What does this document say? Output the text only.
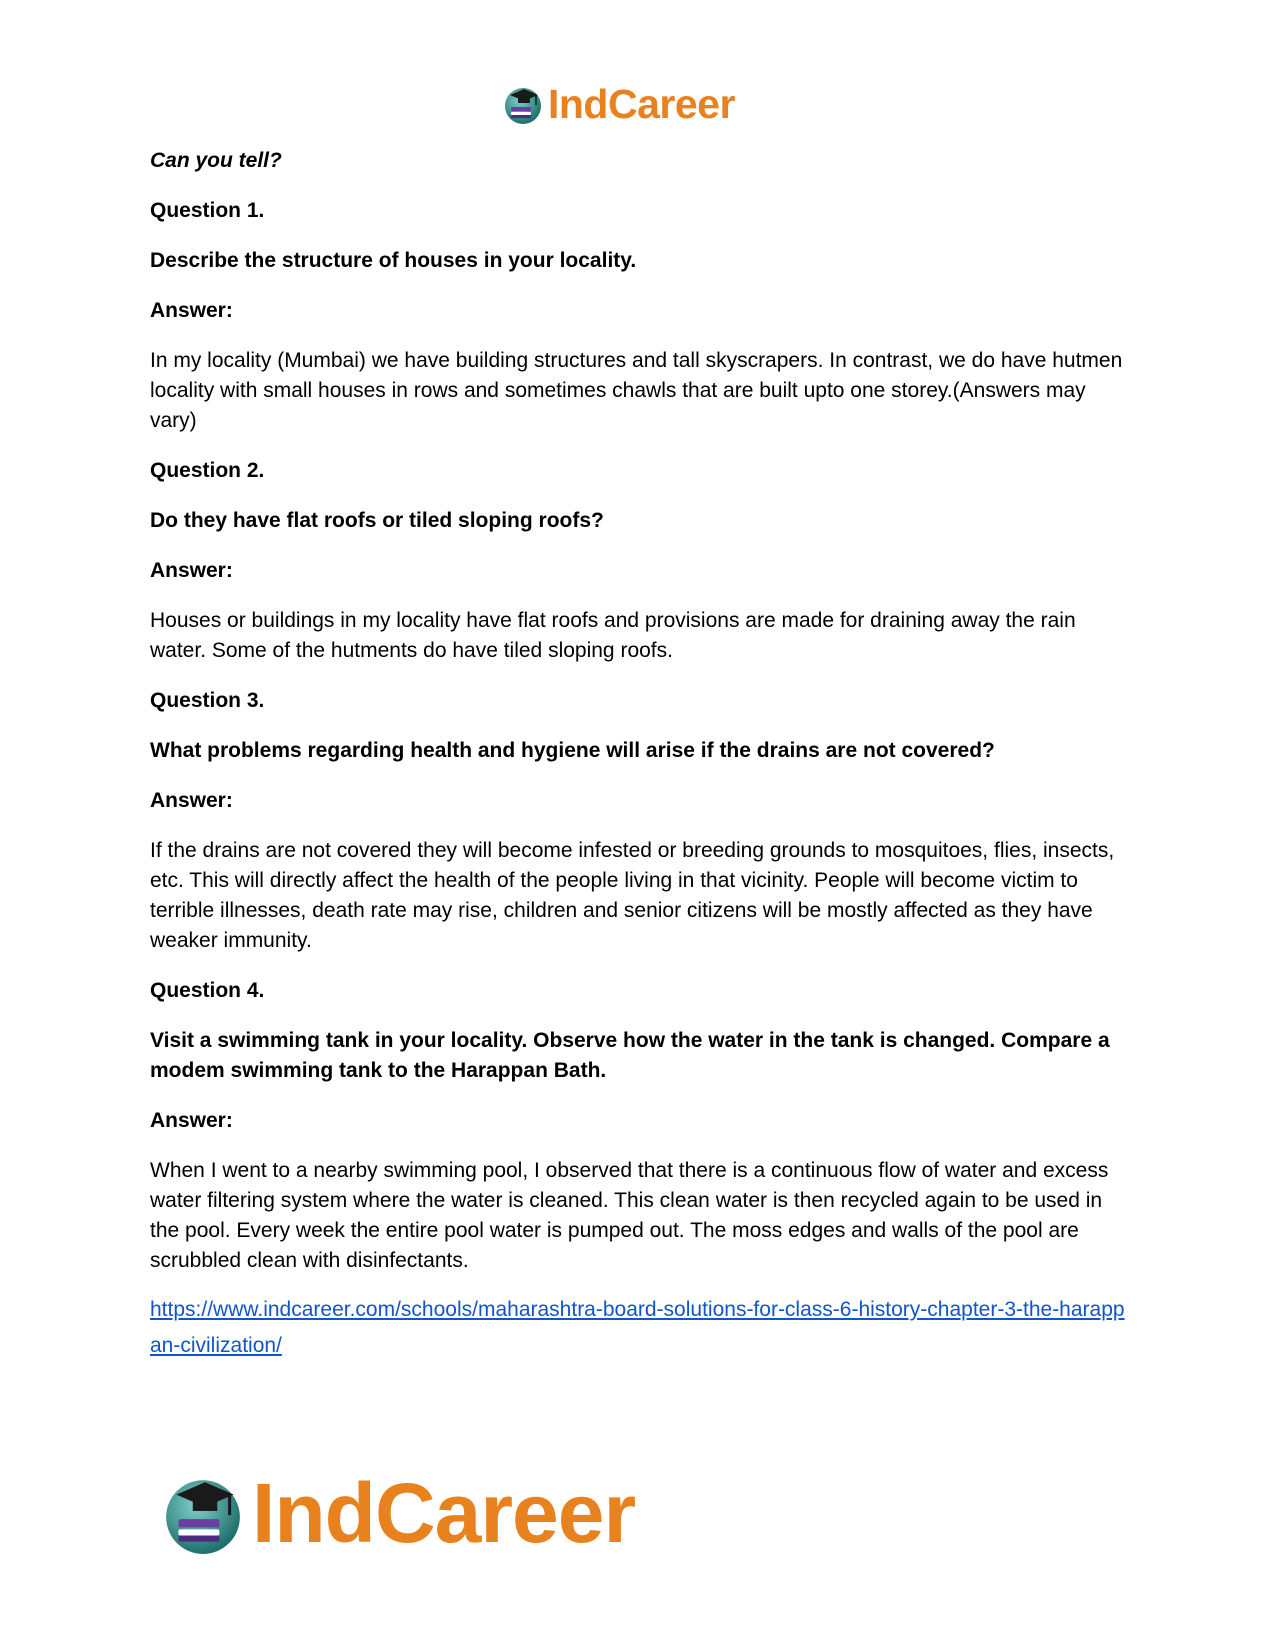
IndCareer

Can you tell?

Question 1.

Describe the structure of houses in your locality.

Answer:

In my locality (Mumbai) we have building structures and tall skyscrapers. In contrast, we do have hutmen locality with small houses in rows and sometimes chawls that are built upto one storey.(Answers may vary)

Question 2.

Do they have flat roofs or tiled sloping roofs?

Answer:

Houses or buildings in my locality have flat roofs and provisions are made for draining away the rain water. Some of the hutments do have tiled sloping roofs.

Question 3.

What problems regarding health and hygiene will arise if the drains are not covered?

Answer:

If the drains are not covered they will become infested or breeding grounds to mosquitoes, flies, insects, etc. This will directly affect the health of the people living in that vicinity. People will become victim to terrible illnesses, death rate may rise, children and senior citizens will be mostly affected as they have weaker immunity.

Question 4.

Visit a swimming tank in your locality. Observe how the water in the tank is changed. Compare a modem swimming tank to the Harappan Bath.

Answer:

When I went to a nearby swimming pool, I observed that there is a continuous flow of water and excess water filtering system where the water is cleaned. This clean water is then recycled again to be used in the pool. Every week the entire pool water is pumped out. The moss edges and walls of the pool are scrubbled clean with disinfectants.

https://www.indcareer.com/schools/maharashtra-board-solutions-for-class-6-history-chapter-3-the-harappan-civilization/
IndCareer
